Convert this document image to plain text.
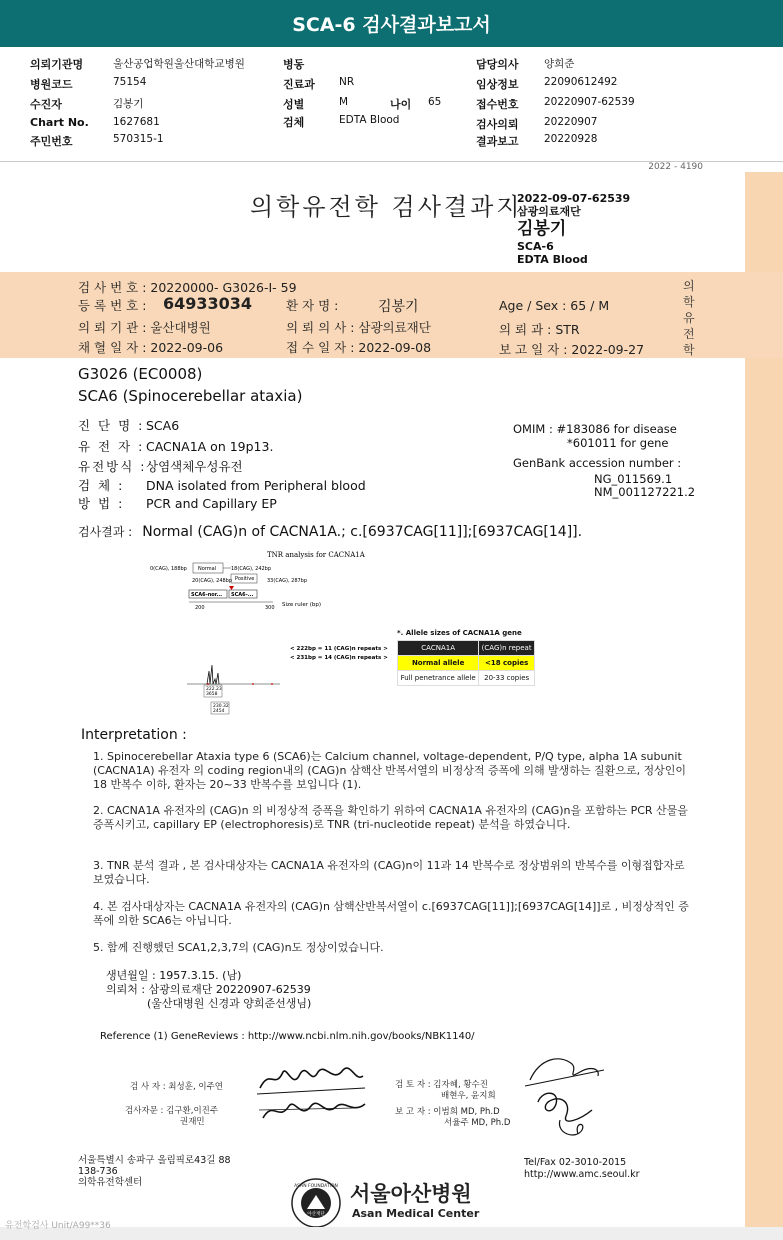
SCA-6 검사결과보고서
의뢰기관명	울산공업학원울산대학교병원
병원코드	75154
수진자	김봉기
Chart No. 1627681
주민번호	570315-1
병동
진료과 NR
성별	M	나이 65
검체	EDTA Blood
담당의사 양희준
임상정보 22090612492
접수번호 20220907-62539
검사의뢰 20220907
결과보고 20220928
2022 - 4190
의학유전학 검사결과지
2022-09-07-62539
삼광의료재단
김봉기
SCA-6
EDTA Blood
검 사 번 호 : 20220000- G3026-I- 59
등 록 번 호 : 64933034	환 자 명 :	김봉기	Age / Sex : 65 / M
의 뢰 기 관 : 울산대병원	의 뢰 의 사 : 삼광의료재단	의 뢰 과 : STR
채 혈 일 자 : 2022-09-06	접 수 일 자 : 2022-09-08	보 고 일 자 : 2022-09-27
의학유전학
G3026 (EC0008)
SCA6 (Spinocerebellar ataxia)
진 단 명 : SCA6
유 전 자 : CACNA1A on 19p13.
유전방식 :상염색체우성유전
검 체 : DNA isolated from Peripheral blood
방 법 : PCR and Capillary EP
OMIM : #183086 for disease
*601011 for gene
GenBank accession number :
NG_011569.1
NM_001127221.2
검사결과 : Normal (CAG)n of CACNA1A.; c.[6937CAG[11]];[6937CAG[14]].
TNR analysis for CACNA1A
0(CAG), 188bp Normal	18(CAG), 242bp
Positive
20(CAG), 248bp	33(CAG), 287bp
SCA6-nor... SCA6-...
200	300 Size ruler (bp)
< 222bp = 11 (CAG)n repeats >
< 231bp = 14 (CAG)n repeats >
222.23
3658
230.32
2454
*. Allele sizes of CACNA1A gene
CACNA1A	(CAG)n repeat
Normal allele	<18 copies
Full penetrance allele	20-33 copies
Interpretation :
1. Spinocerebellar Ataxia type 6 (SCA6)는 Calcium channel, voltage-dependent, P/Q type, alpha 1A subunit (CACNA1A) 유전자 의 coding region내의 (CAG)n 삼핵산 반복서열의 비정상적 증폭에 의해 발생하는 질환으로, 정상인이 18 반복수 이하, 환자는 20~33 반복수를 보입니다 (1).
2. CACNA1A 유전자의 (CAG)n 의 비정상적 증폭을 확인하기 위하여 CACNA1A 유전자의 (CAG)n을 포함하는 PCR 산물을 증폭시키고, capillary EP (electrophoresis)로 TNR (tri-nucleotide repeat) 분석을 하였습니다.
3. TNR 분석 결과 , 본 검사대상자는 CACNA1A 유전자의 (CAG)n이 11과 14 반복수로 정상범위의 반복수를 이형접합자로 보였습니다.
4. 본 검사대상자는 CACNA1A 유전자의 (CAG)n 삼핵산반복서열이 c.[6937CAG[11]];[6937CAG[14]]로 , 비정상적인 증폭에 의한 SCA6는 아닙니다.
5. 함께 진행했던 SCA1,2,3,7의 (CAG)n도 정상이었습니다.
생년월일 : 1957.3.15. (남)
의뢰처 : 삼광의료재단 20220907-62539
(울산대병원 신경과 양희준선생님)
Reference (1) GeneReviews : http://www.ncbi.nlm.nih.gov/books/NBK1140/
검 사 자 : 최성훈, 이주연
검사자문 : 김구환,이진주
권재민
검 토 자 : 김자혜, 황수진
배현우, 윤지희
보 고 자 : 이범희 MD, Ph.D
서율주 MD, Ph.D
서울특별시 송파구 올림픽로43길 88
138-736
의학유전학센터
Tel/Fax 02-3010-2015
http://www.amc.seoul.kr
ASAN FOUNDATION
아산재단
서울아산병원
Asan Medical Center
유전학검사 Unit/A99**36
